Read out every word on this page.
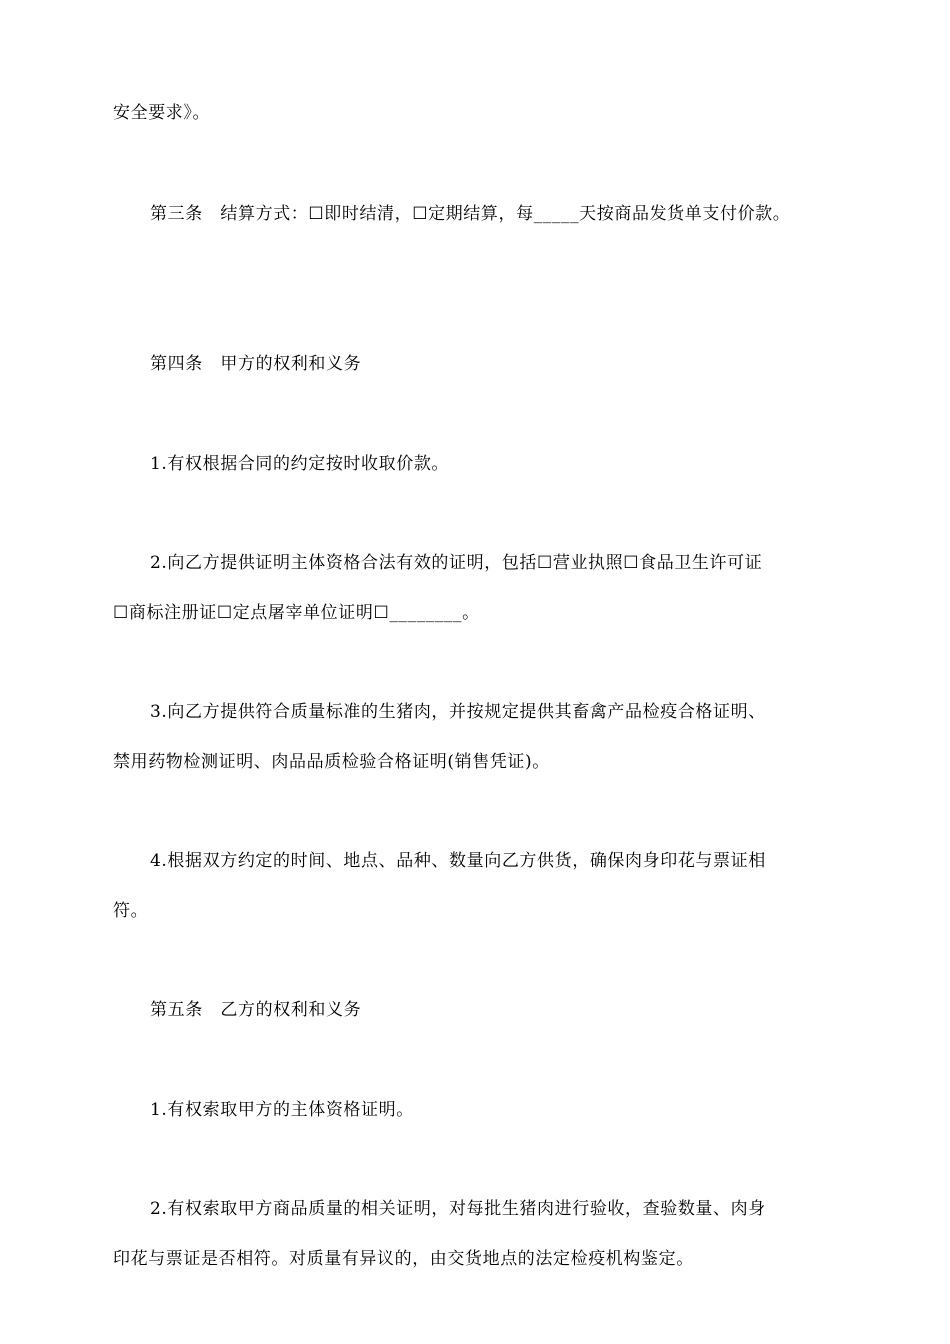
安全要求》。
第三条　结算方式：☐即时结清，☐定期结算，每_____天按商品发货单支付价款。
第四条　甲方的权利和义务
1.有权根据合同的约定按时收取价款。
2.向乙方提供证明主体资格合法有效的证明，包括☐营业执照☐食品卫生许可证
☐商标注册证☐定点屠宰单位证明☐________。
3.向乙方提供符合质量标准的生猪肉，并按规定提供其畜禽产品检疫合格证明、
禁用药物检测证明、肉品品质检验合格证明(销售凭证)。
4.根据双方约定的时间、地点、品种、数量向乙方供货，确保肉身印花与票证相
符。
第五条　乙方的权利和义务
1.有权索取甲方的主体资格证明。
2.有权索取甲方商品质量的相关证明，对每批生猪肉进行验收，查验数量、肉身
印花与票证是否相符。对质量有异议的，由交货地点的法定检疫机构鉴定。
